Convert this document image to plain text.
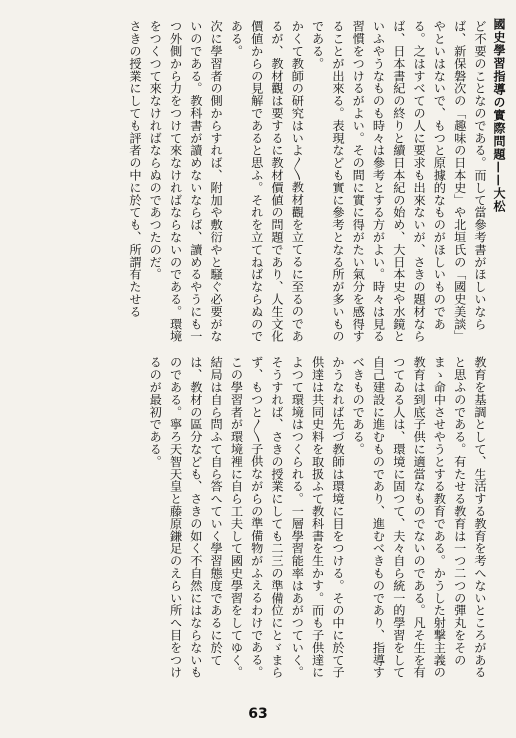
國史學習指導の實際問題——大松

ど不要のことなのである。而して當參考書がほしいならば、新保磐次の「趣味の日本史」や北垣氏の「國史美談」やといはないで、もつと原據的なものがほしいものである。之はすべての人に要求も出來ないが、さきの題材ならば、日本書紀の終りと續日本紀の始め、大日本史や水鏡といふやうなものも時々は參考とする方がよい。時々は見る習慣をつけるがよい。その間に實に得がたい氣分を感得することが出來る。表現なども實に參考となる所が多いものである。

かくて教師の研究はいよ〳〵教材觀を立てるに至るのであるが、教材觀は要するに教材價値の問題であり、人生文化價値からの見解であると思ふ。それを立てねばならぬのである。

次に學習者の側からすれば、附加や敷衍やと騒ぐ必要がないのである。教科書が讀めないならば、讀めるやうにも一つ外側から力をつけて來なければならないのである。環境をつくつて來なければならぬのであつたのだ。

さきの授業にしても評者の中に於ても、所謂有たせる

教育を基調として、生活する教育を考へないところがあると思ふのである。有たせる教育は一つ二つの彈丸をそのまゝ命中させやうとする教育である。かうした射撃主義の教育は到底子供に適當なものでないのである。凡そ生を有つてゐる人は、環境に固つて、夫々自ら統一的學習をして自己建設に進むものであり、進むべきものであり、指導すべきものである。

かうなれば先づ教師は環境に目をつける。その中に於て子供達は共同史料を取扱ふて教科書を生かす。而も子供達によつて環境はつくられる。一層學習能率はあがつていく。そうすれば、さきの授業にしても二三の準備位にとゞまらず、もつと〳〵子供ながらの準備物がふえるわけである。

この學習者が環境裡に自ら工夫して國史學習をしてゆく。結局は自ら問ふて自ら答へていく學習態度であるに於ては、教材の區分なども、さきの如く不自然にはならないものである。寧ろ天智天皇と藤原鎌足のえらい所へ目をつけるのが最初である。

63
